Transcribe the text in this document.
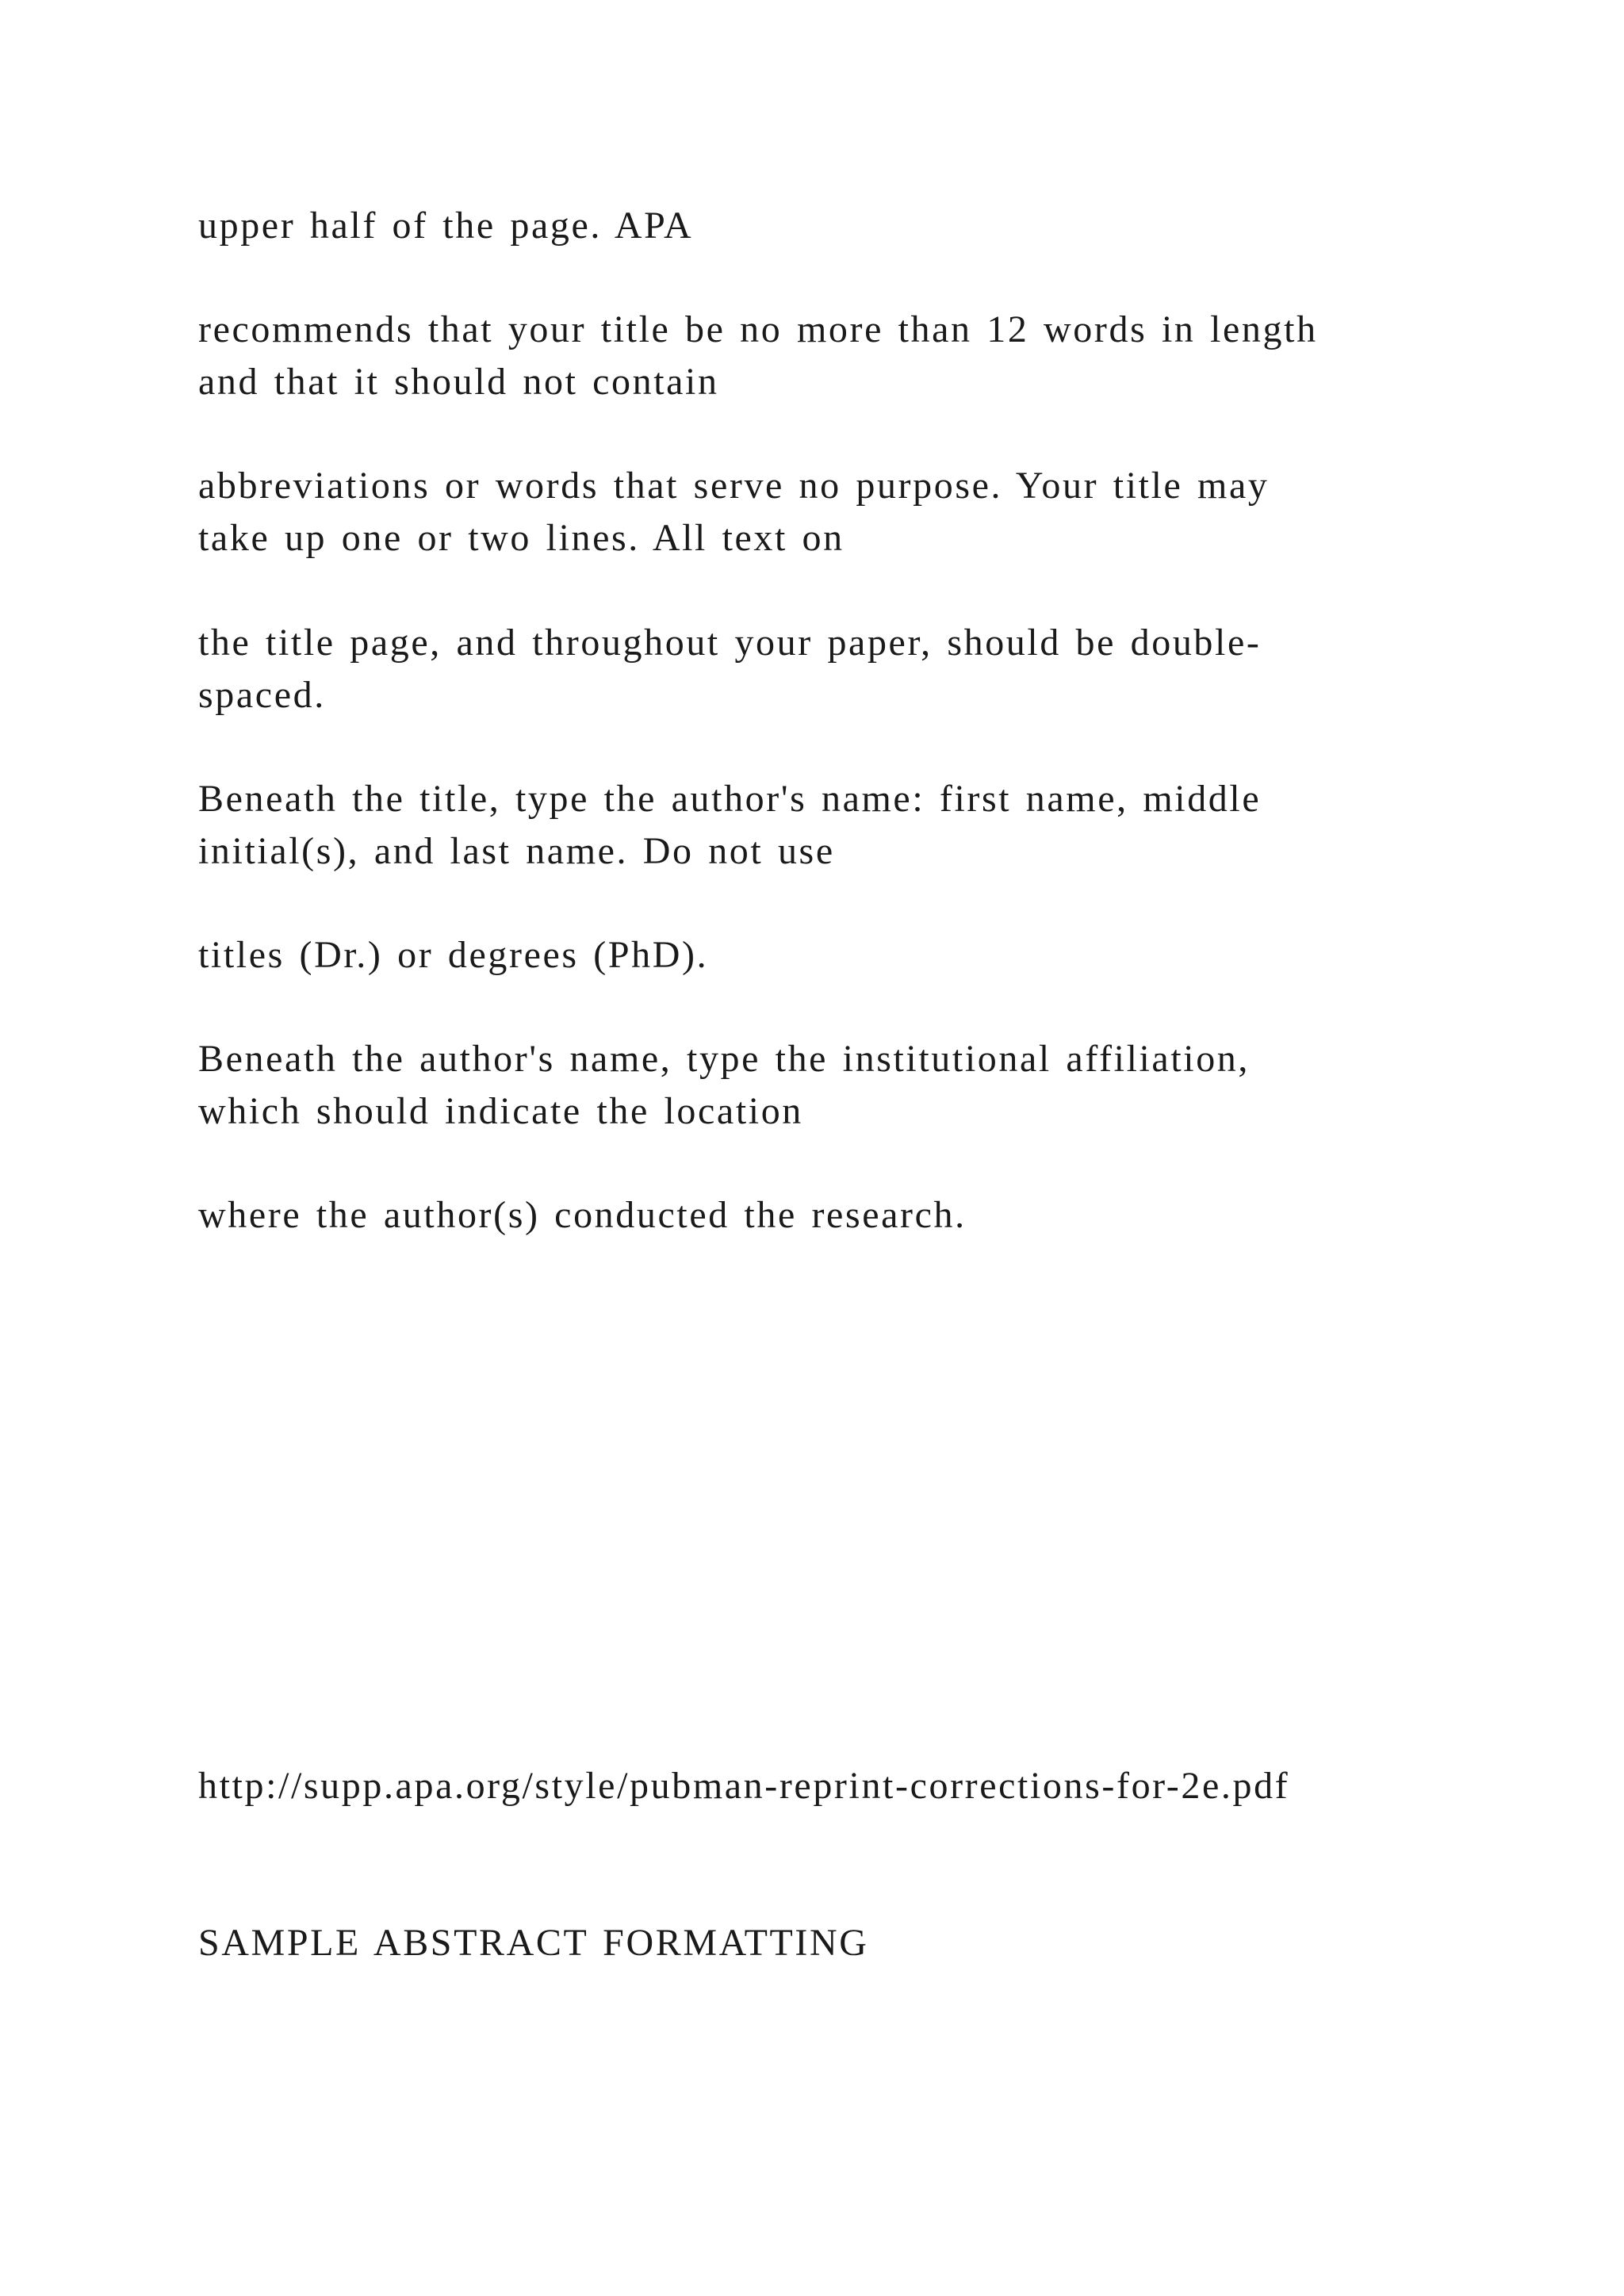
upper half of the page. APA

recommends that your title be no more than 12 words in length
and that it should not contain

abbreviations or words that serve no purpose. Your title may
take up one or two lines. All text on

the title page, and throughout your paper, should be double-
spaced.

Beneath the title, type the author's name: first name, middle
initial(s), and last name. Do not use

titles (Dr.) or degrees (PhD).

Beneath the author's name, type the institutional affiliation,
which should indicate the location

where the author(s) conducted the research.

http://supp.apa.org/style/pubman-reprint-corrections-for-2e.pdf

SAMPLE ABSTRACT FORMATTING
